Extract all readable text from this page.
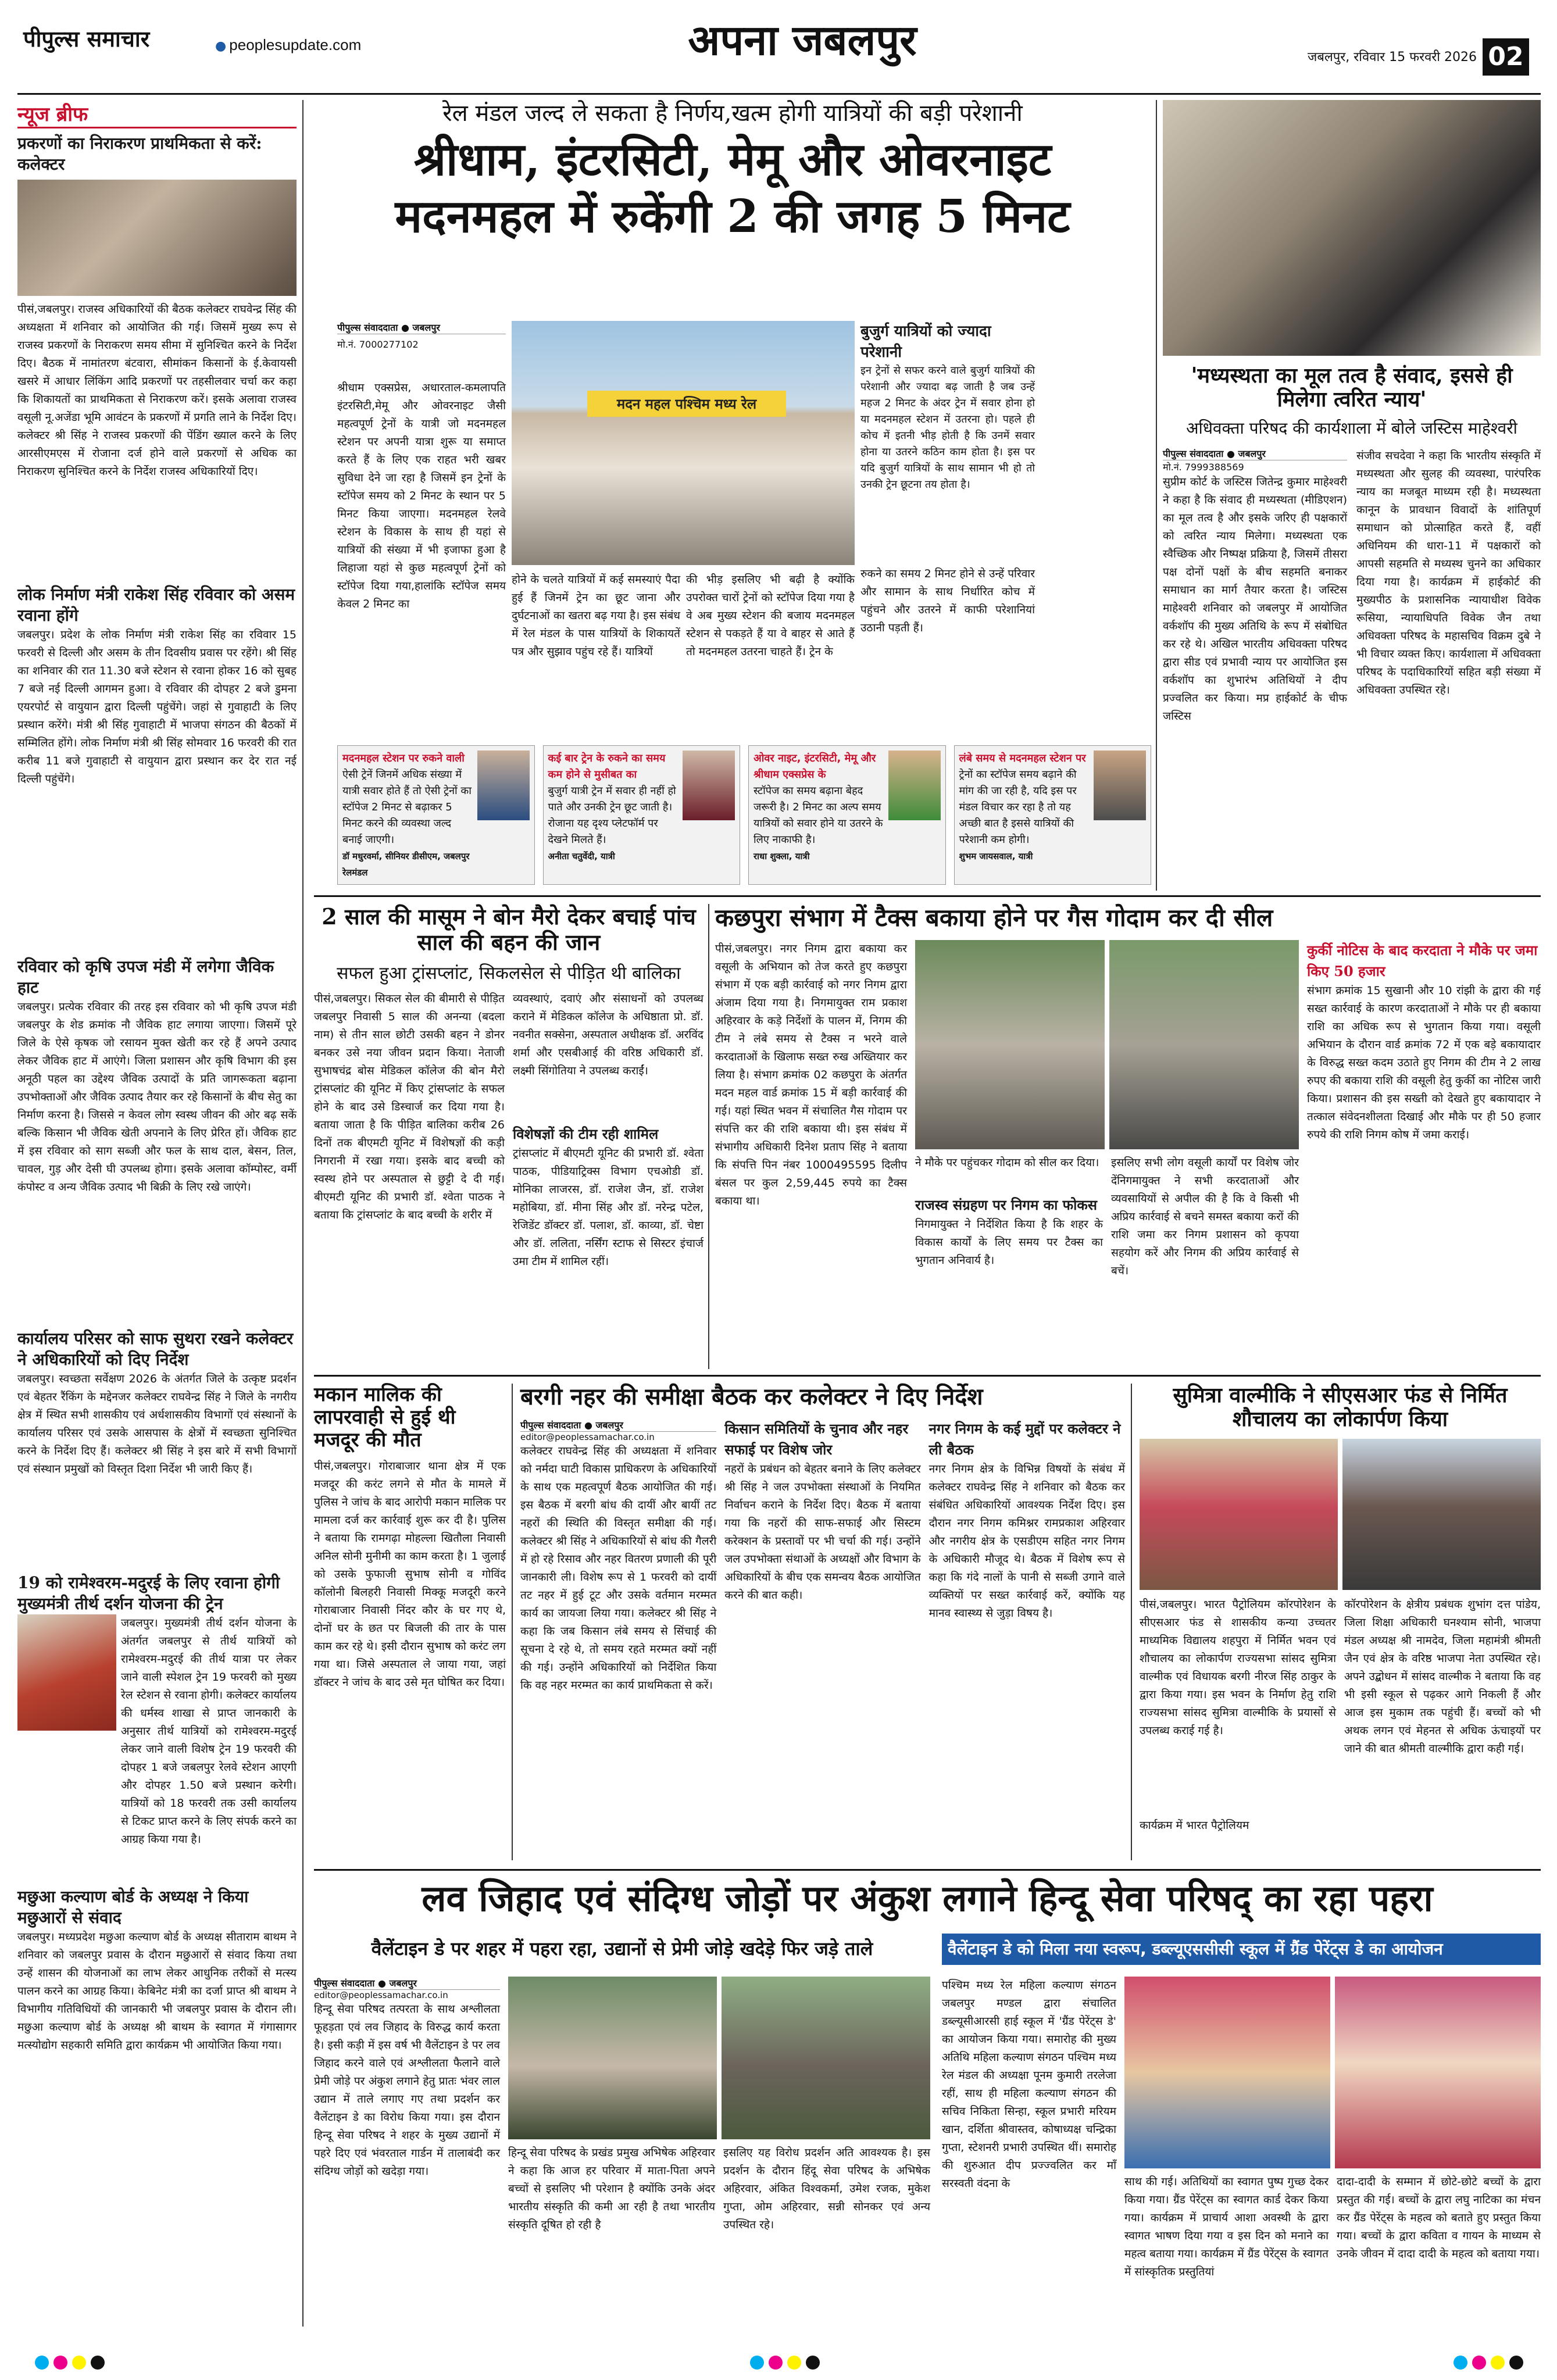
पीपुल्स समाचार	● peoplesupdate.com	अपना जबलपुर	जबलपुर, रविवार 15 फरवरी 2026 02
न्यूज ब्रीफ
प्रकरणों का निराकरण प्राथमिकता से करें: कलेक्टर

पीसं,जबलपुर। राजस्व अधिकारियों की बैठक कलेक्टर राघवेन्द्र सिंह की अध्यक्षता में शनिवार को आयोजित की गई। जिसमें मुख्य रूप से राजस्व प्रकरणों के निराकरण समय सीमा में सुनिश्चित करने के निर्देश दिए। बैठक में नामांतरण बंटवारा, सीमांकन किसानों के ई.केवायसी खसरे में आधार लिंकिंग आदि प्रकरणों पर तहसीलवार चर्चा कर कहा कि शिकायतों का प्राथमिकता से निराकरण करें। इसके अलावा राजस्व वसूली नू.अजेंडा भूमि आवंटन के प्रकरणों में प्रगति लाने के निर्देश दिए। कलेक्टर श्री सिंह ने राजस्व प्रकरणों की पेंडिंग ख्याल करने के लिए आरसीएमएस में रोजाना दर्ज होने वाले प्रकरणों से अधिक का निराकरण सुनिश्चित करने के निर्देश राजस्व अधिकारियों दिए।

लोक निर्माण मंत्री राकेश सिंह रविवार को असम रवाना होंगे

जबलपुर। प्रदेश के लोक निर्माण मंत्री राकेश सिंह का रविवार 15 फरवरी से दिल्ली और असम के तीन दिवसीय प्रवास पर रहेंगे। श्री सिंह का शनिवार की रात 11.30 बजे स्टेशन से रवाना होकर 16 को सुबह 7 बजे नई दिल्ली आगमन हुआ। वे रविवार की दोपहर 2 बजे डुमना एयरपोर्ट से वायुयान द्वारा दिल्ली पहुंचेंगे। जहां से गुवाहाटी के लिए प्रस्थान करेंगे। मंत्री श्री सिंह गुवाहाटी में भाजपा संगठन की बैठकों में सम्मिलित होंगे। लोक निर्माण मंत्री श्री सिंह सोमवार 16 फरवरी की रात करीब 11 बजे गुवाहाटी से वायुयान द्वारा प्रस्थान कर देर रात नई दिल्ली पहुंचेंगे।

रविवार को कृषि उपज मंडी में लगेगा जैविक हाट

जबलपुर। प्रत्येक रविवार की तरह इस रविवार को भी कृषि उपज मंडी जबलपुर के शेड क्रमांक नौ जैविक हाट लगाया जाएगा। जिसमें पूरे जिले के ऐसे कृषक जो रसायन मुक्त खेती कर रहे हैं अपने उत्पाद लेकर जैविक हाट में आएंगे। जिला प्रशासन और कृषि विभाग की इस अनूठी पहल का उद्देश्य जैविक उत्पादों के प्रति जागरूकता बढ़ाना उपभोक्ताओं और जैविक उत्पाद तैयार कर रहे किसानों के बीच सेतु का निर्माण करना है। जिससे न केवल लोग स्वस्थ जीवन की ओर बढ़ सकें बल्कि किसान भी जैविक खेती अपनाने के लिए प्रेरित हों। जैविक हाट में इस रविवार को साग सब्जी और फल के साथ दाल, बेसन, तिल, चावल, गुड़ और देसी घी उपलब्ध होगा। इसके अलावा कॉम्पोस्ट, वर्मी कंपोस्ट व अन्य जैविक उत्पाद भी बिक्री के लिए रखे जाएंगे।

कार्यालय परिसर को साफ सुथरा रखने कलेक्टर ने अधिकारियों को दिए निर्देश

जबलपुर। स्वच्छता सर्वेक्षण 2026 के अंतर्गत जिले के उत्कृष्ट प्रदर्शन एवं बेहतर रैंकिंग के मद्देनजर कलेक्टर राघवेन्द्र सिंह ने जिले के नगरीय क्षेत्र में स्थित सभी शासकीय एवं अर्धशासकीय विभागों एवं संस्थानों के कार्यालय परिसर एवं उसके आसपास के क्षेत्रों में स्वच्छता सुनिश्चित करने के निर्देश दिए हैं। कलेक्टर श्री सिंह ने इस बारे में सभी विभागों एवं संस्थान प्रमुखों को विस्तृत दिशा निर्देश भी जारी किए हैं।

19 को रामेश्वरम-मदुरई के लिए रवाना होगी मुख्यमंत्री तीर्थ दर्शन योजना की ट्रेन

जबलपुर। मुख्यमंत्री तीर्थ दर्शन योजना के अंतर्गत जबलपुर से तीर्थ यात्रियों को रामेश्वरम-मदुरई की तीर्थ यात्रा पर लेकर जाने वाली स्पेशल ट्रेन 19 फरवरी को मुख्य रेल स्टेशन से रवाना होगी। कलेक्टर कार्यालय की धर्मस्व शाखा से प्राप्त जानकारी के अनुसार तीर्थ यात्रियों को रामेश्वरम-मदुरई लेकर जाने वाली विशेष ट्रेन 19 फरवरी की दोपहर 1 बजे जबलपुर रेलवे स्टेशन आएगी और दोपहर 1.50 बजे प्रस्थान करेगी। यात्रियों को 18 फरवरी तक उसी कार्यालय से टिकट प्राप्त करने के लिए संपर्क करने का आग्रह किया गया है।

मछुआ कल्याण बोर्ड के अध्यक्ष ने किया मछुआरों से संवाद

जबलपुर। मध्यप्रदेश मछुआ कल्याण बोर्ड के अध्यक्ष सीताराम बाथम ने शनिवार को जबलपुर प्रवास के दौरान मछुआरों से संवाद किया तथा उन्हें शासन की योजनाओं का लाभ लेकर आधुनिक तरीकों से मत्स्य पालन करने का आग्रह किया। केबिनेट मंत्री का दर्जा प्राप्त श्री बाथम ने विभागीय गतिविधियों की जानकारी भी जबलपुर प्रवास के दौरान ली। मछुआ कल्याण बोर्ड के अध्यक्ष श्री बाथम के स्वागत में गंगासागर मत्स्योद्योग सहकारी समिति द्वारा कार्यक्रम भी आयोजित किया गया।

रेल मंडल जल्द ले सकता है निर्णय,खत्म होगी यात्रियों की बड़ी परेशानी
श्रीधाम, इंटरसिटी, मेमू और ओवरनाइट
मदनमहल में रुकेंगी 2 की जगह 5 मिनट
पीपुल्स संवाददाता ● जबलपुर
मो.नं. 7000277102
मदन महल पश्चिम मध्य रेल

श्रीधाम एक्सप्रेस, अधारताल-कमलापति इंटरसिटी,मेमू और ओवरनाइट जैसी महत्वपूर्ण ट्रेनों के यात्री जो मदनमहल स्टेशन पर अपनी यात्रा शुरू या समाप्त करते हैं के लिए एक राहत भरी खबर सुविधा देने जा रहा है जिसमें इन ट्रेनों के स्टॉपेज समय को 2 मिनट के स्थान पर 5 मिनट किया जाएगा। मदनमहल रेलवे स्टेशन के विकास के साथ ही यहां से यात्रियों की संख्या में भी इजाफा हुआ है लिहाजा यहां से कुछ महत्वपूर्ण ट्रेनों को स्टॉपेज दिया गया,हालांकि स्टॉपेज समय केवल 2 मिनट का

होने के चलते यात्रियों में कई समस्याएं पैदा हुई हैं जिनमें ट्रेन का छूट जाना और दुर्घटनाओं का खतरा बढ़ गया है। इस संबंध में रेल मंडल के पास यात्रियों के शिकायतें पत्र और सुझाव पहुंच रहे हैं। यात्रियों

की भीड़ इसलिए भी बढ़ी है क्योंकि उपरोक्त चारों ट्रेनों को स्टॉपेज दिया गया है वे अब मुख्य स्टेशन की बजाय मदनमहल स्टेशन से पकड़ते हैं या वे बाहर से आते हैं तो मदनमहल उतरना चाहते हैं। ट्रेन के

बुजुर्ग यात्रियों को ज्यादा परेशानी

इन ट्रेनों से सफर करने वाले बुजुर्ग यात्रियों की परेशानी और ज्यादा बढ़ जाती है जब उन्हें महज 2 मिनट के अंदर ट्रेन में सवार होना हो या मदनमहल स्टेशन में उतरना हो। पहले ही कोच में इतनी भीड़ होती है कि उनमें सवार होना या उतरने कठिन काम होता है। इस पर यदि बुजुर्ग यात्रियों के साथ सामान भी हो तो उनकी ट्रेन छूटना तय होता है।

रुकने का समय 2 मिनट होने से उन्हें परिवार और सामान के साथ निर्धारित कोच में पहुंचने और उतरने में काफी परेशानियां उठानी पड़ती हैं।

मदनमहल स्टेशन पर रुकने वाली
ऐसी ट्रेनें जिनमें अधिक संख्या में यात्री सवार होते हैं तो ऐसी ट्रेनों का स्टॉपेज 2 मिनट से बढ़ाकर 5 मिनट करने की व्यवस्था जल्द बनाई जाएगी।
डॉ मधुरवर्मा, सीनियर डीसीएम, जबलपुर रेलमंडल
कई बार ट्रेन के रुकने का समय कम होने से मुसीबत का
बुजुर्ग यात्री ट्रेन में सवार ही नहीं हो पाते और उनकी ट्रेन छूट जाती है। रोजाना यह दृश्य प्लेटफॉर्म पर देखने मिलते हैं।
अनीता चतुर्वेदी, यात्री
ओवर नाइट, इंटरसिटी, मेमू और श्रीधाम एक्सप्रेस के
स्टॉपेज का समय बढ़ाना बेहद जरूरी है। 2 मिनट का अल्प समय यात्रियों को सवार होने या उतरने के लिए नाकाफी है।
राधा शुक्ला, यात्री
लंबे समय से मदनमहल स्टेशन पर
ट्रेनों का स्टॉपेज समय बढ़ाने की मांग की जा रही है, यदि इस पर मंडल विचार कर रहा है तो यह अच्छी बात है इससे यात्रियों की परेशानी कम होगी।
शुभम जायसवाल, यात्री
'मध्यस्थता का मूल तत्व है संवाद, इससे ही मिलेगा त्वरित न्याय'
अधिवक्ता परिषद की कार्यशाला में बोले जस्टिस माहेश्वरी
पीपुल्स संवाददाता ● जबलपुर
मो.नं. 7999388569

सुप्रीम कोर्ट के जस्टिस जितेन्द्र कुमार माहेश्वरी ने कहा है कि संवाद ही मध्यस्थता (मीडिएशन) का मूल तत्व है और इसके जरिए ही पक्षकारों को त्वरित न्याय मिलेगा। मध्यस्थता एक स्वैच्छिक और निष्पक्ष प्रक्रिया है, जिसमें तीसरा पक्ष दोनों पक्षों के बीच सहमति बनाकर समाधान का मार्ग तैयार करता है। जस्टिस माहेश्वरी शनिवार को जबलपुर में आयोजित वर्कशॉप की मुख्य अतिथि के रूप में संबोधित कर रहे थे। अखिल भारतीय अधिवक्ता परिषद द्वारा सीड एवं प्रभावी न्याय पर आयोजित इस वर्कशॉप का शुभारंभ अतिथियों ने दीप प्रज्वलित कर किया। मप्र हाईकोर्ट के चीफ जस्टिस

संजीव सचदेवा ने कहा कि भारतीय संस्कृति में मध्यस्थता और सुलह की व्यवस्था, पारंपरिक न्याय का मजबूत माध्यम रही है। मध्यस्थता कानून के प्रावधान विवादों के शांतिपूर्ण समाधान को प्रोत्साहित करते हैं, वहीं अधिनियम की धारा-11 में पक्षकारों को आपसी सहमति से मध्यस्थ चुनने का अधिकार दिया गया है। कार्यक्रम में हाईकोर्ट की मुख्यपीठ के प्रशासनिक न्यायाधीश विवेक रूसिया, न्यायाधिपति विवेक जैन तथा अधिवक्ता परिषद के महासचिव विक्रम दुबे ने भी विचार व्यक्त किए। कार्यशाला में अधिवक्ता परिषद के पदाधिकारियों सहित बड़ी संख्या में अधिवक्ता उपस्थित रहे।

2 साल की मासूम ने बोन मैरो देकर बचाई पांच साल की बहन की जान
सफल हुआ ट्रांसप्लांट, सिकलसेल से पीड़ित थी बालिका

पीसं,जबलपुर। सिकल सेल की बीमारी से पीड़ित जबलपुर निवासी 5 साल की अनन्या (बदला नाम) से तीन साल छोटी उसकी बहन ने डोनर बनकर उसे नया जीवन प्रदान किया। नेताजी सुभाषचंद्र बोस मेडिकल कॉलेज की बोन मैरो ट्रांसप्लांट की यूनिट में किए ट्रांसप्लांट के सफल होने के बाद उसे डिस्चार्ज कर दिया गया है। बताया जाता है कि पीड़ित बालिका करीब 26 दिनों तक बीएमटी यूनिट में विशेषज्ञों की कड़ी निगरानी में रखा गया। इसके बाद बच्ची को स्वस्थ होने पर अस्पताल से छुट्टी दे दी गई। बीएमटी यूनिट की प्रभारी डॉ. श्वेता पाठक ने बताया कि ट्रांसप्लांट के बाद बच्ची के शरीर में

व्यवस्थाएं, दवाएं और संसाधनों को उपलब्ध कराने में मेडिकल कॉलेज के अधिष्ठाता प्रो. डॉ. नवनीत सक्सेना, अस्पताल अधीक्षक डॉ. अरविंद शर्मा और एसबीआई की वरिष्ठ अधिकारी डॉ. लक्ष्मी सिंगोतिया ने उपलब्ध कराईं।

विशेषज्ञों की टीम रही शामिल

ट्रांसप्लांट में बीएमटी यूनिट की प्रभारी डॉ. श्वेता पाठक, पीडियाट्रिक्स विभाग एचओडी डॉ. मोनिका लाजरस, डॉ. राजेश जैन, डॉ. राजेश महोबिया, डॉ. मीना सिंह और डॉ. नरेन्द्र पटेल, रेजिडेंट डॉक्टर डॉ. पलाश, डॉ. काव्या, डॉ. चेष्टा और डॉ. ललिता, नर्सिंग स्टाफ से सिस्टर इंचार्ज उमा टीम में शामिल रहीं।

कछपुरा संभाग में टैक्स बकाया होने पर गैस गोदाम कर दी सील

पीसं,जबलपुर। नगर निगम द्वारा बकाया कर वसूली के अभियान को तेज करते हुए कछपुरा संभाग में एक बड़ी कार्रवाई को नगर निगम द्वारा अंजाम दिया गया है। निगमायुक्त राम प्रकाश अहिरवार के कड़े निर्देशों के पालन में, निगम की टीम ने लंबे समय से टैक्स न भरने वाले करदाताओं के खिलाफ सख्त रुख अख्तियार कर लिया है। संभाग क्रमांक 02 कछपुरा के अंतर्गत मदन महल वार्ड क्रमांक 15 में बड़ी कार्रवाई की गई। यहां स्थित भवन में संचालित गैस गोदाम पर संपत्ति कर की राशि बकाया थी। इस संबंध में संभागीय अधिकारी दिनेश प्रताप सिंह ने बताया कि संपत्ति पिन नंबर 1000495595 दिलीप बंसल पर कुल 2,59,445 रुपये का टैक्स बकाया था।

ने मौके पर पहुंचकर गोदाम को सील कर दिया।

राजस्व संग्रहण पर निगम का फोकस

निगमायुक्त ने निर्देशित किया है कि शहर के विकास कार्यों के लिए समय पर टैक्स का भुगतान अनिवार्य है।

इसलिए सभी लोग वसूली कार्यों पर विशेष जोर देंनिगमायुक्त ने सभी करदाताओं और व्यवसायियों से अपील की है कि वे किसी भी अप्रिय कार्रवाई से बचने समस्त बकाया करों की राशि जमा कर निगम प्रशासन को कृपया सहयोग करें और निगम की अप्रिय कार्रवाई से बचें।

कुर्की नोटिस के बाद करदाता ने मौके पर जमा किए 50 हजार

संभाग क्रमांक 15 सुखानी और 10 रांझी के द्वारा की गई सख्त कार्रवाई के कारण करदाताओं ने मौके पर ही बकाया राशि का अधिक रूप से भुगतान किया गया। वसूली अभियान के दौरान वार्ड क्रमांक 72 में एक बड़े बकायादार के विरुद्ध सख्त कदम उठाते हुए निगम की टीम ने 2 लाख रुपए की बकाया राशि की वसूली हेतु कुर्की का नोटिस जारी किया। प्रशासन की इस सख्ती को देखते हुए बकायादार ने तत्काल संवेदनशीलता दिखाई और मौके पर ही 50 हजार रुपये की राशि निगम कोष में जमा कराई।

मकान मालिक की लापरवाही से हुई थी मजदूर की मौत

पीसं,जबलपुर। गोराबाजार थाना क्षेत्र में एक मजदूर की करंट लगने से मौत के मामले में पुलिस ने जांच के बाद आरोपी मकान मालिक पर मामला दर्ज कर कार्रवाई शुरू कर दी है। पुलिस ने बताया कि रामगढ़ा मोहल्ला खितौला निवासी अनिल सोनी मुनीमी का काम करता है। 1 जुलाई को उसके फुफाजी सुभाष सोनी व गोविंद कॉलोनी बिलहरी निवासी मिक्कू मजदूरी करने गोराबाजार निवासी निंदर कौर के घर गए थे, दोनों घर के छत पर बिजली की तार के पास काम कर रहे थे। इसी दौरान सुभाष को करंट लग गया था। जिसे अस्पताल ले जाया गया, जहां डॉक्टर ने जांच के बाद उसे मृत घोषित कर दिया।

बरगी नहर की समीक्षा बैठक कर कलेक्टर ने दिए निर्देश
पीपुल्स संवाददाता ● जबलपुर
editor@peoplessamachar.co.in

कलेक्टर राघवेन्द्र सिंह की अध्यक्षता में शनिवार को नर्मदा घाटी विकास प्राधिकरण के अधिकारियों के साथ एक महत्वपूर्ण बैठक आयोजित की गई। इस बैठक में बरगी बांध की दायीं और बायीं तट नहरों की स्थिति की विस्तृत समीक्षा की गई। कलेक्टर श्री सिंह ने अधिकारियों से बांध की गैलरी में हो रहे रिसाव और नहर वितरण प्रणाली की पूरी जानकारी ली। विशेष रूप से 1 फरवरी को दायीं तट नहर में हुई टूट और उसके वर्तमान मरम्मत कार्य का जायजा लिया गया। कलेक्टर श्री सिंह ने कहा कि जब किसान लंबे समय से सिंचाई की सूचना दे रहे थे, तो समय रहते मरम्मत क्यों नहीं की गई। उन्होंने अधिकारियों को निर्देशित किया कि वह नहर मरम्मत का कार्य प्राथमिकता से करें।

किसान समितियों के चुनाव और नहर सफाई पर विशेष जोर

नहरों के प्रबंधन को बेहतर बनाने के लिए कलेक्टर श्री सिंह ने जल उपभोक्ता संस्थाओं के नियमित निर्वाचन कराने के निर्देश दिए। बैठक में बताया गया कि नहरों की साफ-सफाई और सिस्टम करेक्शन के प्रस्तावों पर भी चर्चा की गई। उन्होंने जल उपभोक्ता संथाओं के अध्यक्षों और विभाग के अधिकारियों के बीच एक समन्वय बैठक आयोजित करने की बात कही।

नगर निगम के कई मुद्दों पर कलेक्टर ने ली बैठक

नगर निगम क्षेत्र के विभिन्न विषयों के संबंध में कलेक्टर राघवेन्द्र सिंह ने शनिवार को बैठक कर संबंधित अधिकारियों आवश्यक निर्देश दिए। इस दौरान नगर निगम कमिश्नर रामप्रकाश अहिरवार और नगरीय क्षेत्र के एसडीएम सहित नगर निगम के अधिकारी मौजूद थे। बैठक में विशेष रूप से कहा कि गंदे नालों के पानी से सब्जी उगाने वाले व्यक्तियों पर सख्त कार्रवाई करें, क्योंकि यह मानव स्वास्थ्य से जुड़ा विषय है।

सुमित्रा वाल्मीकि ने सीएसआर फंड से निर्मित शौचालय का लोकार्पण किया

पीसं,जबलपुर। भारत पैट्रोलियम कॉरपोरेशन के सीएसआर फंड से शासकीय कन्या उच्चतर माध्यमिक विद्यालय शहपुरा में निर्मित भवन एवं शौचालय का लोकार्पण राज्यसभा सांसद सुमित्रा वाल्मीक एवं विधायक बरगी नीरज सिंह ठाकुर के द्वारा किया गया। इस भवन के निर्माण हेतु राशि राज्यसभा सांसद सुमित्रा वाल्मीकि के प्रयासों से उपलब्ध कराई गई है।

कार्यक्रम में भारत पैट्रोलियम

कॉरपोरेशन के क्षेत्रीय प्रबंधक शुभांग दत्त पांडेय, जिला शिक्षा अधिकारी घनश्याम सोनी, भाजपा मंडल अध्यक्ष श्री नामदेव, जिला महामंत्री श्रीमती जैन एवं क्षेत्र के वरिष्ठ भाजपा नेता उपस्थित रहे। अपने उद्बोधन में सांसद वाल्मीक ने बताया कि वह भी इसी स्कूल से पढ़कर आगे निकली हैं और आज इस मुकाम तक पहुंची हैं। बच्चों को भी अथक लगन एवं मेहनत से अधिक ऊंचाइयों पर जाने की बात श्रीमती वाल्मीकि द्वारा कही गई।

लव जिहाद एवं संदिग्ध जोड़ों पर अंकुश लगाने हिन्दू सेवा परिषद् का रहा पहरा
वैलेंटाइन डे पर शहर में पहरा रहा, उद्यानों से प्रेमी जोड़े खदेड़े फिर जड़े ताले	वैलेंटाइन डे को मिला नया स्वरूप, डब्ल्यूएससीसी स्कूल में ग्रैंड पेरेंट्स डे का आयोजन
पीपुल्स संवाददाता ● जबलपुर
editor@peoplessamachar.co.in

हिन्दू सेवा परिषद तत्परता के साथ अश्लीलता फूहड़ता एवं लव जिहाद के विरुद्ध कार्य करता है। इसी कड़ी में इस वर्ष भी वैलेंटाइन डे पर लव जिहाद करने वाले एवं अश्लीलता फैलाने वाले प्रेमी जोड़े पर अंकुश लगाने हेतु प्रातः भंवर लाल उद्यान में ताले लगाए गए तथा प्रदर्शन कर वैलेंटाइन डे का विरोध किया गया। इस दौरान हिन्दू सेवा परिषद ने शहर के मुख्य उद्यानों में पहरे दिए एवं भंवरताल गार्डन में तालाबंदी कर संदिग्ध जोड़ों को खदेड़ा गया।

हिन्दू सेवा परिषद के प्रखंड प्रमुख अभिषेक अहिरवार ने कहा कि आज हर परिवार में माता-पिता अपने बच्चों से इसलिए भी परेशान है क्योंकि उनके अंदर भारतीय संस्कृति की कमी आ रही है तथा भारतीय संस्कृति दूषित हो रही है

इसलिए यह विरोध प्रदर्शन अति आवश्यक है। इस प्रदर्शन के दौरान हिंदू सेवा परिषद के अभिषेक अहिरवार, अंकित विश्वकर्मा, उमेश रजक, मुकेश गुप्ता, ओम अहिरवार, सन्नी सोनकर एवं अन्य उपस्थित रहे।

पश्चिम मध्य रेल महिला कल्याण संगठन जबलपुर मण्डल द्वारा संचालित डब्ल्यूसीआरसी हाई स्कूल में 'ग्रैंड पेरेंट्स डे' का आयोजन किया गया। समारोह की मुख्य अतिथि महिला कल्याण संगठन पश्चिम मध्य रेल मंडल की अध्यक्षा पूनम कुमारी तरलेजा रहीं, साथ ही महिला कल्याण संगठन की सचिव निकिता सिन्हा, स्कूल प्रभारी मरियम खान, दर्शिता श्रीवास्तव, कोषाध्यक्ष चन्द्रिका गुप्ता, स्टेशनरी प्रभारी उपस्थित थीं। समारोह की शुरुआत दीप प्रज्ज्वलित कर माँ सरस्वती वंदना के	साथ की गई। अतिथियों का स्वागत पुष्प गुच्छ देकर किया गया। ग्रैंड पेरेंट्स का स्वागत कार्ड देकर किया गया। कार्यक्रम में प्राचार्य आशा अवस्थी के द्वारा स्वागत भाषण दिया गया व इस दिन को मनाने का महत्व बताया गया। कार्यक्रम में ग्रैंड पेरेंट्स के स्वागत में सांस्कृतिक प्रस्तुतियां

दादा-दादी के सम्मान में छोटे-छोटे बच्चों के द्वारा प्रस्तुत की गई। बच्चों के द्वारा लघु नाटिका का मंचन कर ग्रैंड पेरेंट्स के महत्व को बताते हुए प्रस्तुत किया गया। बच्चों के द्वारा कविता व गायन के माध्यम से उनके जीवन में दादा दादी के महत्व को बताया गया।
